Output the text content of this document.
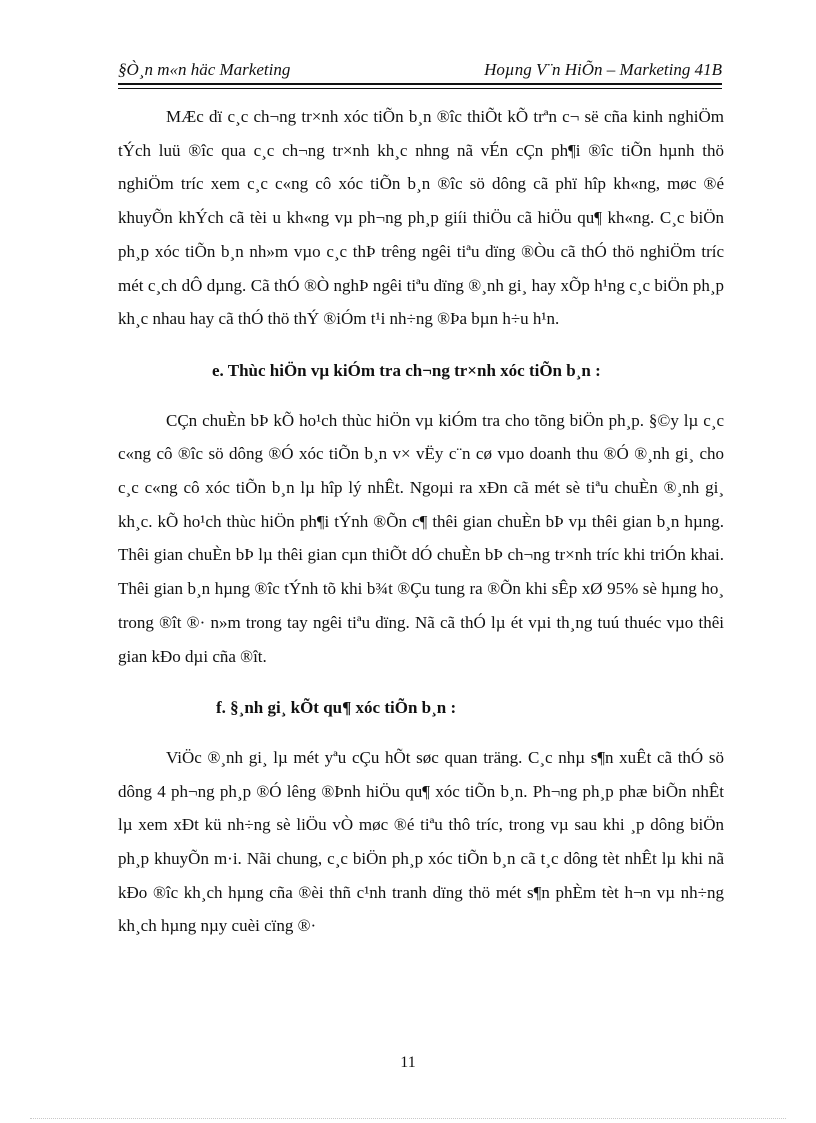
§Ò¸n m«n häc Marketing	Hoµng V¨n HiÕn – Marketing 41B

MÆc dï c¸c ch¬ng tr×nh xóc tiÕn b¸n ®îc thiÕt kÕ trªn c¬ së cña kinh nghiÖm tÝch luü ®îc qua c¸c ch¬ng tr×nh kh¸c nhng nã vÉn cÇn ph¶i ®îc tiÕn hµnh thö nghiÖm tríc xem c¸c c«ng cô xóc tiÕn b¸n ®îc sö dông cã phï hîp kh«ng, møc ®é khuyÕn khÝch cã tèi u kh«ng vµ ph¬ng ph¸p giíi thiÖu cã hiÖu qu¶ kh«ng. C¸c biÖn ph¸p xóc tiÕn b¸n nh»m vµo c¸c thÞ trêng ngêi tiªu dïng ®Òu cã thÓ thö nghiÖm tríc mét c¸ch dÔ dµng. Cã thÓ ®Ò nghÞ ngêi tiªu dïng ®¸nh gi¸ hay xÕp h¹ng c¸c biÖn ph¸p kh¸c nhau hay cã thÓ thö thÝ ®iÓm t¹i nh÷ng ®Þa bµn h÷u h¹n.

e. Thùc hiÖn vµ kiÓm tra ch¬ng tr×nh xóc tiÕn b¸n :

CÇn chuÈn bÞ kÕ ho¹ch thùc hiÖn vµ kiÓm tra cho tõng biÖn ph¸p. §©y lµ c¸c c«ng cô ®îc sö dông ®Ó xóc tiÕn b¸n v× vËy c¨n cø vµo doanh thu ®Ó ®¸nh gi¸ cho c¸c c«ng cô xóc tiÕn b¸n lµ hîp lý nhÊt. Ngoµi ra xÐn cã mét sè tiªu chuÈn ®¸nh gi¸ kh¸c. kÕ ho¹ch thùc hiÖn ph¶i tÝnh ®Õn c¶ thêi gian chuÈn bÞ vµ thêi gian b¸n hµng. Thêi gian chuÈn bÞ lµ thêi gian cµn thiÕt dÓ chuÈn bÞ ch¬ng tr×nh tríc khi triÓn khai. Thêi gian b¸n hµng ®îc tÝnh tõ khi b¾t ®Çu tung ra ®Õn khi sÊp xØ 95% sè hµng ho¸ trong ®ît ®· n»m trong tay ngêi tiªu dïng. Nã cã thÓ lµ ét vµi th¸ng tuú thuéc vµo thêi gian kÐo dµi cña ®ît.

f. §¸nh gi¸ kÕt qu¶ xóc tiÕn b¸n :

ViÖc ®¸nh gi¸ lµ mét yªu cÇu hÕt søc quan träng. C¸c nhµ s¶n xuÊt cã thÓ sö dông 4 ph¬ng ph¸p ®Ó lêng ®Þnh hiÖu qu¶ xóc tiÕn b¸n. Ph¬ng ph¸p phæ biÕn nhÊt lµ xem xÐt kü nh÷ng sè liÖu vÒ møc ®é tiªu thô tríc, trong vµ sau khi ¸p dông biÖn ph¸p khuyÕn m·i. Nãi chung, c¸c biÖn ph¸p xóc tiÕn b¸n cã t¸c dông tèt nhÊt lµ khi nã kÐo ®îc kh¸ch hµng cña ®èi thñ c¹nh tranh dïng thö mét s¶n phÈm tèt h¬n vµ nh÷ng kh¸ch hµng nµy cuèi cïng ®·

11
